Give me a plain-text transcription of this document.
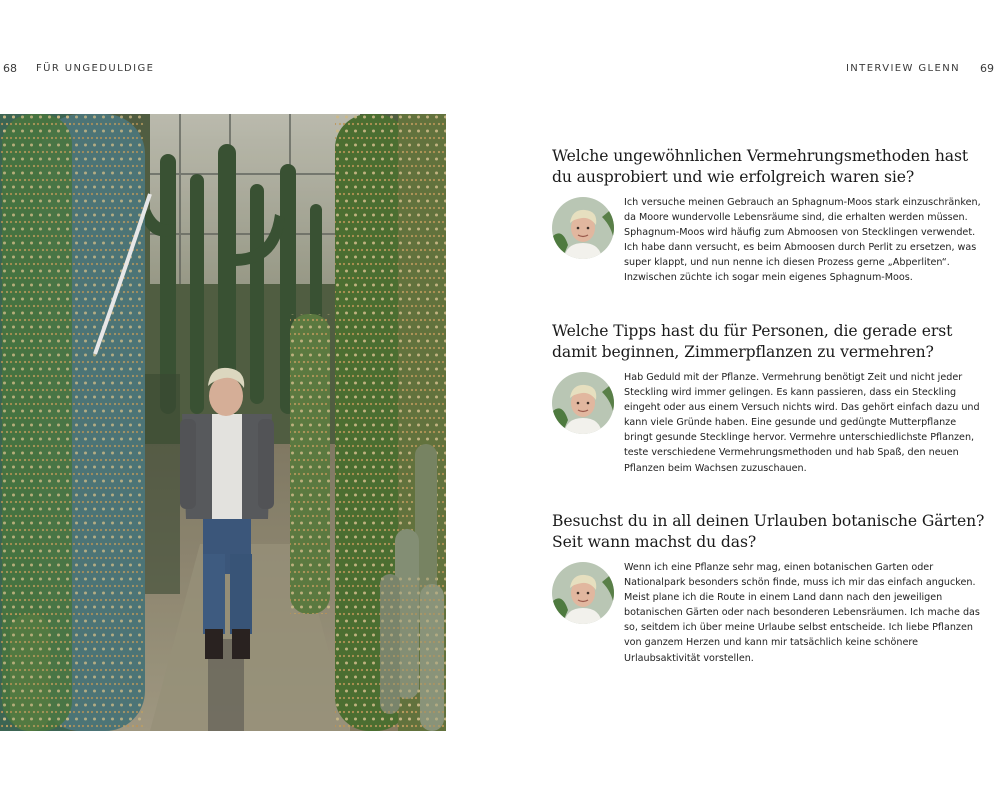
68 FÜR UNGEDULDIGE	INTERVIEW GLENN 69
Welche ungewöhnlichen Vermehrungsmethoden hast du ausprobiert und wie erfolgreich waren sie?

Ich versuche meinen Gebrauch an Sphagnum-Moos stark einzuschränken, da Moore wundervolle Lebensräume sind, die erhalten werden müssen. Sphagnum-Moos wird häufig zum Abmoosen von Stecklingen verwendet. Ich habe dann versucht, es beim Abmoosen durch Perlit zu ersetzen, was super klappt, und nun nenne ich diesen Prozess gerne „Abperliten“. Inzwischen züchte ich sogar mein eigenes Sphagnum-Moos.

Welche Tipps hast du für Personen, die gerade erst damit beginnen, Zimmerpflanzen zu vermehren?

Hab Geduld mit der Pflanze. Vermehrung benötigt Zeit und nicht jeder Steckling wird immer gelingen. Es kann passieren, dass ein Steckling eingeht oder aus einem Versuch nichts wird. Das gehört einfach dazu und kann viele Gründe haben. Eine gesunde und gedüngte Mutterpflanze bringt gesunde Stecklinge hervor. Vermehre unterschiedlichste Pflanzen, teste verschiedene Vermehrungsmethoden und hab Spaß, den neuen Pflanzen beim Wachsen zuzuschauen.

Besuchst du in all deinen Urlauben botanische Gärten? Seit wann machst du das?

Wenn ich eine Pflanze sehr mag, einen botanischen Garten oder Nationalpark besonders schön finde, muss ich mir das einfach angucken. Meist plane ich die Route in einem Land dann nach den jeweiligen botanischen Gärten oder nach besonderen Lebensräumen. Ich mache das so, seitdem ich über meine Urlaube selbst entscheide. Ich liebe Pflanzen von ganzem Herzen und kann mir tatsächlich keine schönere Urlaubsaktivität vorstellen.
